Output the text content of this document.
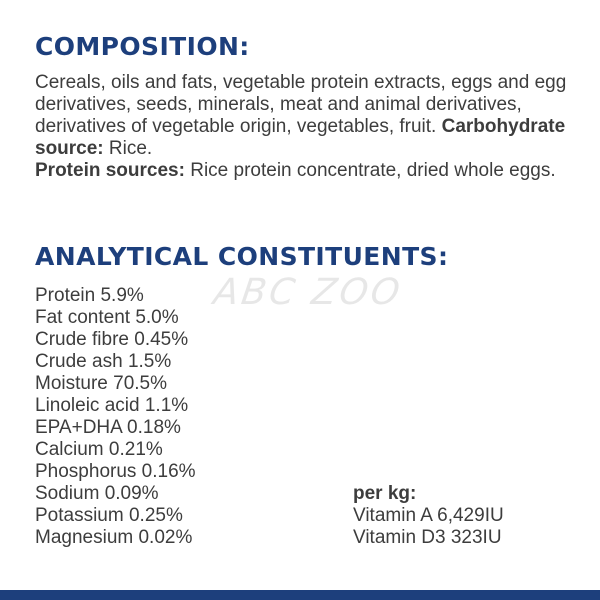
COMPOSITION:

Cereals, oils and fats, vegetable protein extracts, eggs and egg derivatives, seeds, minerals, meat and animal derivatives, derivatives of vegetable origin, vegetables, fruit. Carbohydrate source: Rice.
Protein sources: Rice protein concentrate, dried whole eggs.

ANALYTICAL CONSTITUENTS:
ABC ZOO
Protein 5.9%
Fat content 5.0%
Crude fibre 0.45%
Crude ash 1.5%
Moisture 70.5%
Linoleic acid 1.1%
EPA+DHA 0.18%
Calcium 0.21%
Phosphorus 0.16%
Sodium 0.09%
Potassium 0.25%
Magnesium 0.02%
per kg:
Vitamin A 6,429IU
Vitamin D3 323IU
